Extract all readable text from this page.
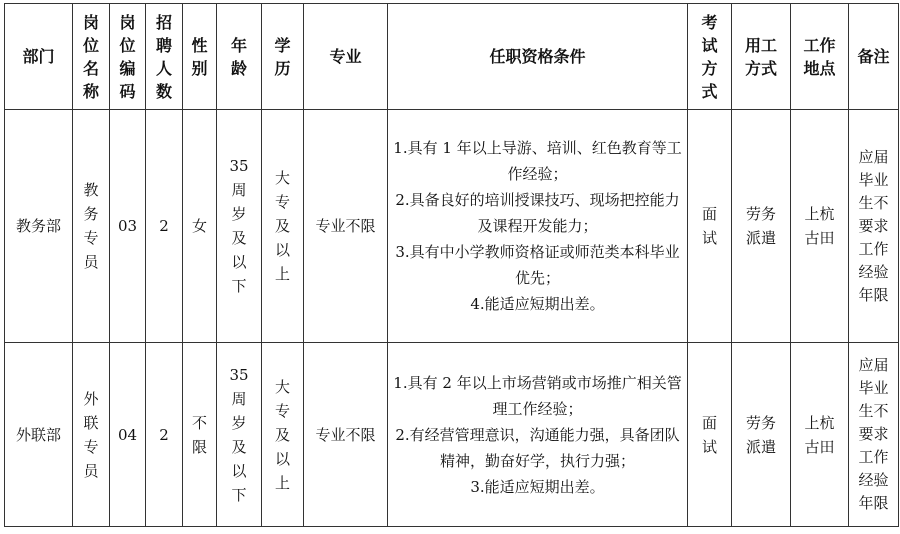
部门	岗位名称	岗位编码	招聘人数	性别	年龄	学历	专业	任职资格条件	考试方式	用工方式	工作地点	备注
教务部	教务专员	03	2	女	35周岁及以下	大专及以上	专业不限	1.具有 1 年以上导游、培训、红色教育等工作经验；
2.具备良好的培训授课技巧、现场把控能力及课程开发能力；
3.具有中小学教师资格证或师范类本科毕业优先；
4.能适应短期出差。	面试	劳务派遣	上杭古田	应届毕业生不要求工作经验年限
外联部	外联专员	04	2	不限	35周岁及以下	大专及以上	专业不限	1.具有 2 年以上市场营销或市场推广相关管理工作经验；
2.有经营管理意识，沟通能力强，具备团队精神，勤奋好学，执行力强；
3.能适应短期出差。	面试	劳务派遣	上杭古田	应届毕业生不要求工作经验年限
